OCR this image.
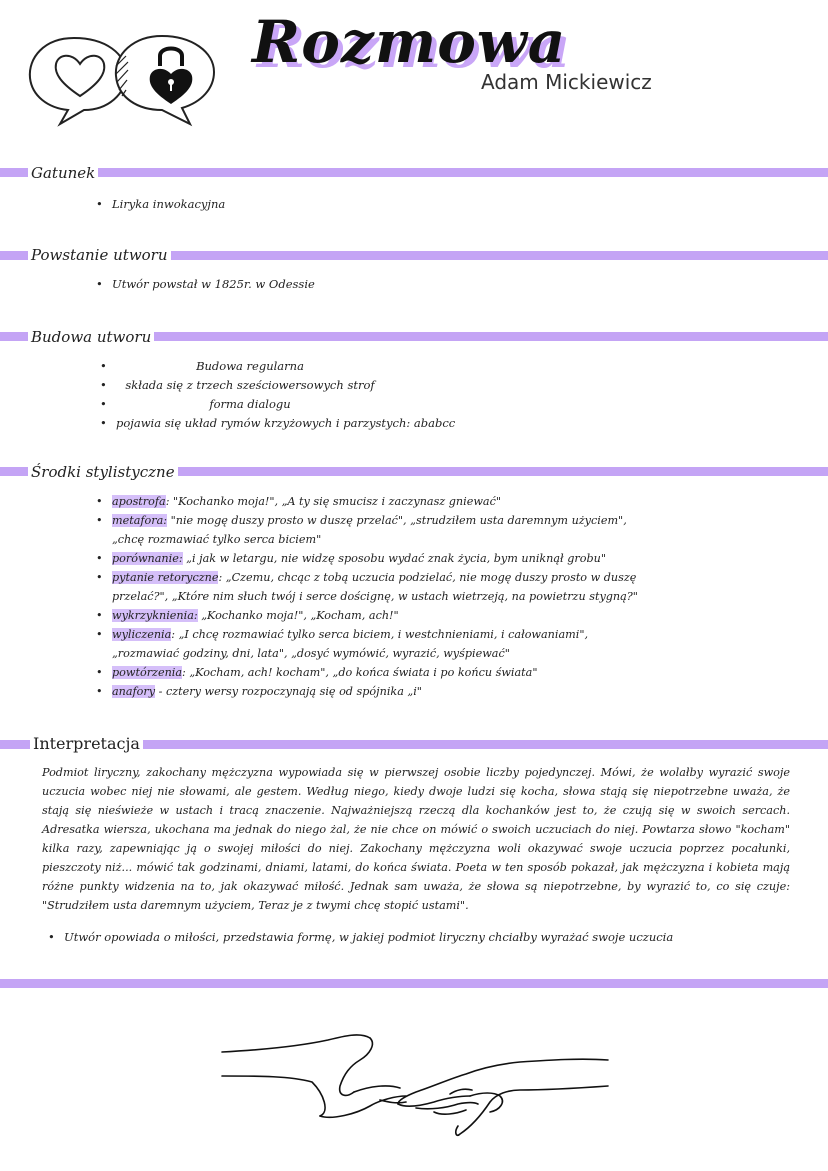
Rozmowa
Adam Mickiewicz
Gatunek
• Liryka inwokacyjna
Powstanie utworu
• Utwór powstał w 1825r. w Odessie
Budowa utworu
• Budowa regularna
• składa się z trzech sześciowersowych strof
• forma dialogu
• pojawia się układ rymów krzyżowych i parzystych: ababcc
Środki stylistyczne
• apostrofa: "Kochanko moja!", „A ty się smucisz i zaczynasz gniewać"
• metafora: "nie mogę duszy prosto w duszę przelać", „strudziłem usta daremnym użyciem", „chcę rozmawiać tylko serca biciem"
• porównanie: „i jak w letargu, nie widzę sposobu wydać znak życia, bym uniknął grobu"
• pytanie retoryczne: „Czemu, chcąc z tobą uczucia podzielać, nie mogę duszy prosto w duszę przelać?", „Które nim słuch twój i serce doścignę, w ustach wietrzeją, na powietrzu stygną?"
• wykrzyknienia: „Kochanko moja!", „Kocham, ach!"
• wyliczenia: „I chcę rozmawiać tylko serca biciem, i westchnieniami, i całowaniami", „rozmawiać godziny, dni, lata", „dosyć wymówić, wyrazić, wyśpiewać"
• powtórzenia: „Kocham, ach! kocham", „do końca świata i po końcu świata"
• anafory - cztery wersy rozpoczynają się od spójnika „i"
Interpretacja
Podmiot liryczny, zakochany mężczyzna wypowiada się w pierwszej osobie liczby pojedynczej. Mówi, że wolałby wyrazić swoje uczucia wobec niej nie słowami, ale gestem. Według niego, kiedy dwoje ludzi się kocha, słowa stają się niepotrzebne uważa, że stają się nieświeże w ustach i tracą znaczenie. Najważniejszą rzeczą dla kochanków jest to, że czują się w swoich sercach. Adresatka wiersza, ukochana ma jednak do niego żal, że nie chce on mówić o swoich uczuciach do niej. Powtarza słowo "kocham" kilka razy, zapewniając ją o swojej miłości do niej. Zakochany mężczyzna woli okazywać swoje uczucia poprzez pocałunki, pieszczoty niż... mówić tak godzinami, dniami, latami, do końca świata. Poeta w ten sposób pokazał, jak mężczyzna i kobieta mają różne punkty widzenia na to, jak okazywać miłość. Jednak sam uważa, że słowa są niepotrzebne, by wyrazić to, co się czuje: "Strudziłem usta daremnym użyciem, Teraz je z twymi chcę stopić ustami".
• Utwór opowiada o miłości, przedstawia formę, w jakiej podmiot liryczny chciałby wyrażać swoje uczucia
